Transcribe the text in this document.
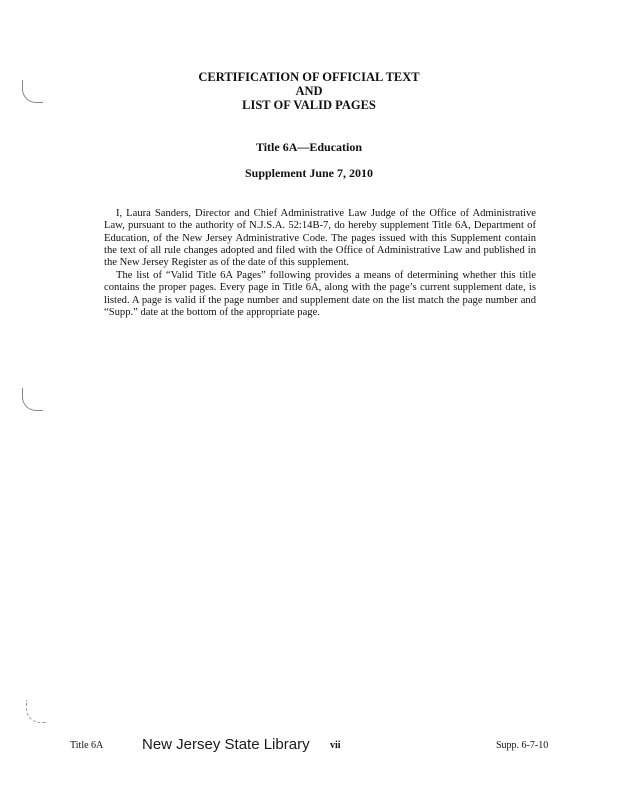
CERTIFICATION OF OFFICIAL TEXT
AND
LIST OF VALID PAGES
Title 6A—Education
Supplement June 7, 2010

I, Laura Sanders, Director and Chief Administrative Law Judge of the Office of Administrative Law, pursuant to the authority of N.J.S.A. 52:14B-7, do hereby supplement Title 6A, Department of Education, of the New Jersey Administrative Code. The pages issued with this Supplement contain the text of all rule changes adopted and filed with the Office of Administrative Law and published in the New Jersey Register as of the date of this supplement.

The list of “Valid Title 6A Pages” following provides a means of determining whether this title contains the proper pages. Every page in Title 6A, along with the page’s current supplement date, is listed. A page is valid if the page number and supplement date on the list match the page number and “Supp.” date at the bottom of the appropriate page.

Title 6A	New Jersey State Library vii	Supp. 6-7-10
